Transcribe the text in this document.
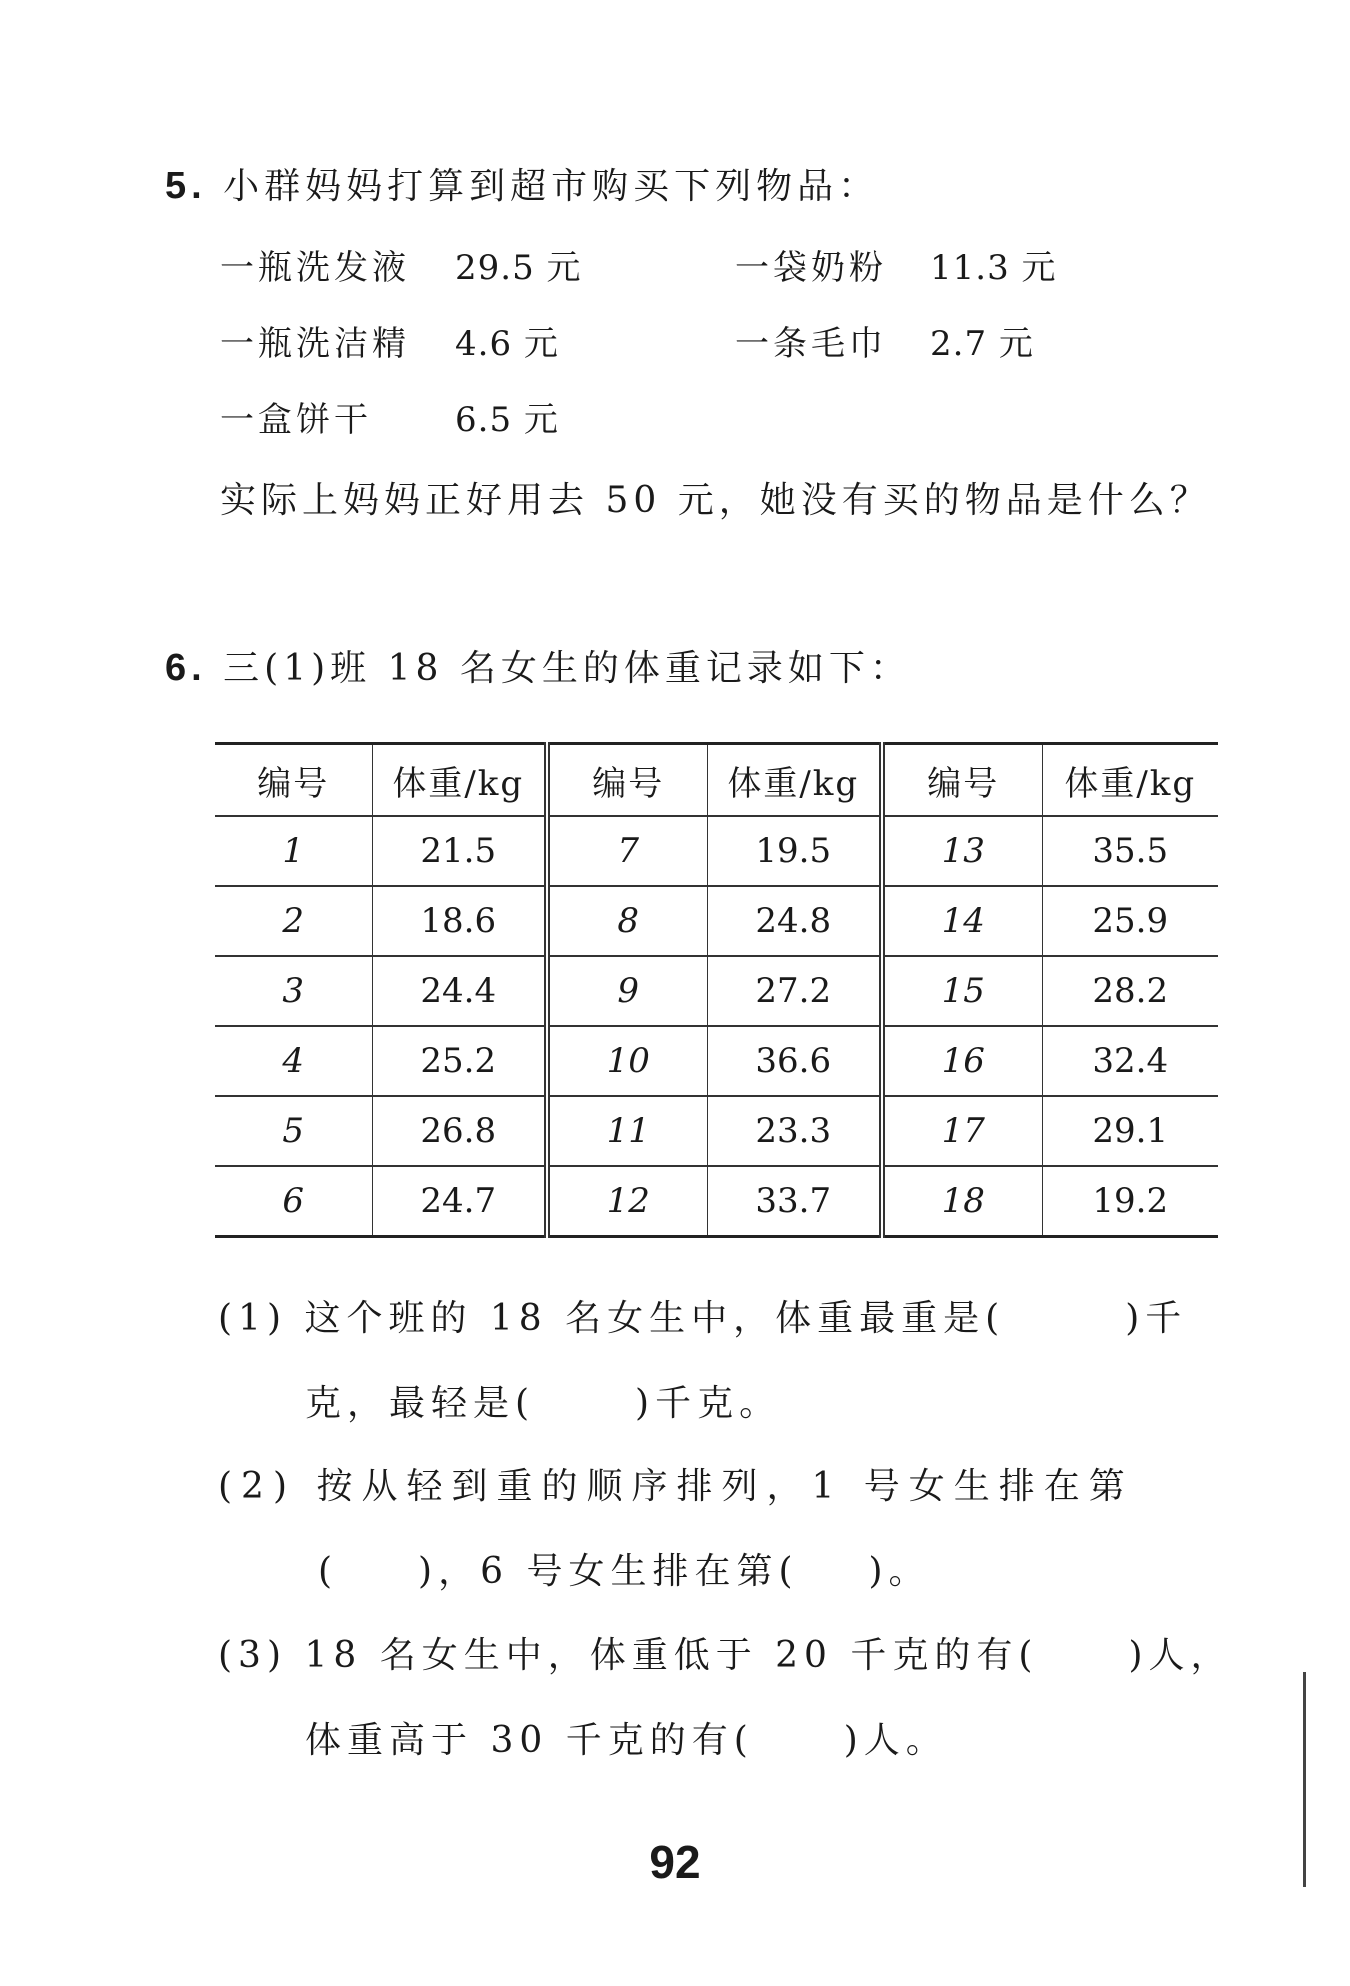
5. 小群妈妈打算到超市购买下列物品：
一瓶洗发液 29.5 元	一袋奶粉 11.3 元
一瓶洗洁精 4.6 元	一条毛巾 2.7 元
一盒饼干 6.5 元
实际上妈妈正好用去 50 元，她没有买的物品是什么？
6. 三(1)班 18 名女生的体重记录如下：
编号	体重/kg	编号	体重/kg	编号	体重/kg
1	21.5	7	19.5	13	35.5
2	18.6	8	24.8	14	25.9
3	24.4	9	27.2	15	28.2
4	25.2	10	36.6	16	32.4
5	26.8	11	23.3	17	29.1
6	24.7	12	33.7	18	19.2
(1) 这个班的 18 名女生中，体重最重是(	)千
克，最轻是(	)千克。
(2) 按从轻到重的顺序排列，1 号女生排在第
( )，6 号女生排在第( )。
(3) 18 名女生中，体重低于 20 千克的有(	)人，
体重高于 30 千克的有(	)人。
92
